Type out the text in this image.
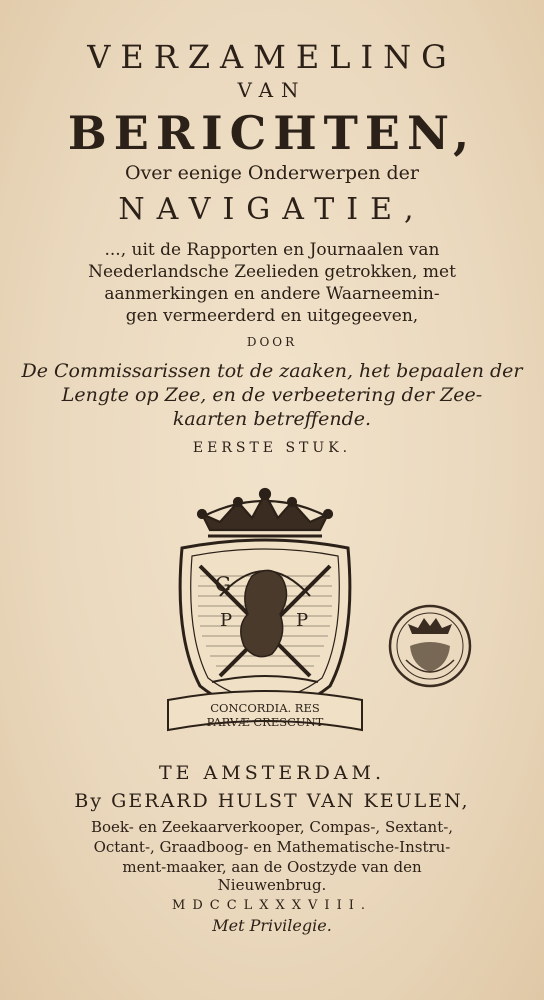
VERZAMELING
VAN
BERICHTEN,
Over eenige Onderwerpen der
NAVIGATIE,
..., uit de Rapporten en Journaalen van
Neederlandsche Zeelieden getrokken, met
aanmerkingen en andere Waarneemin-
gen vermeerderd en uitgegeeven,
DOOR
De Commissarissen tot de zaaken, het bepaalen der
Lengte op Zee, en de verbeetering der Zee-
kaarten betreffende.
EERSTE STUK.
G
P	P
CONCORDIA. RES
PARVÆ CRESCUNT
TE AMSTERDAM.
By GERARD HULST VAN KEULEN,
Boek- en Zeekaarverkooper, Compas-, Sextant-,
Octant-, Graadboog- en Mathematische-Instru-
ment-maaker, aan de Oostzyde van den
Nieuwenbrug.
MDCCLXXXVIII.
Met Privilegie.
